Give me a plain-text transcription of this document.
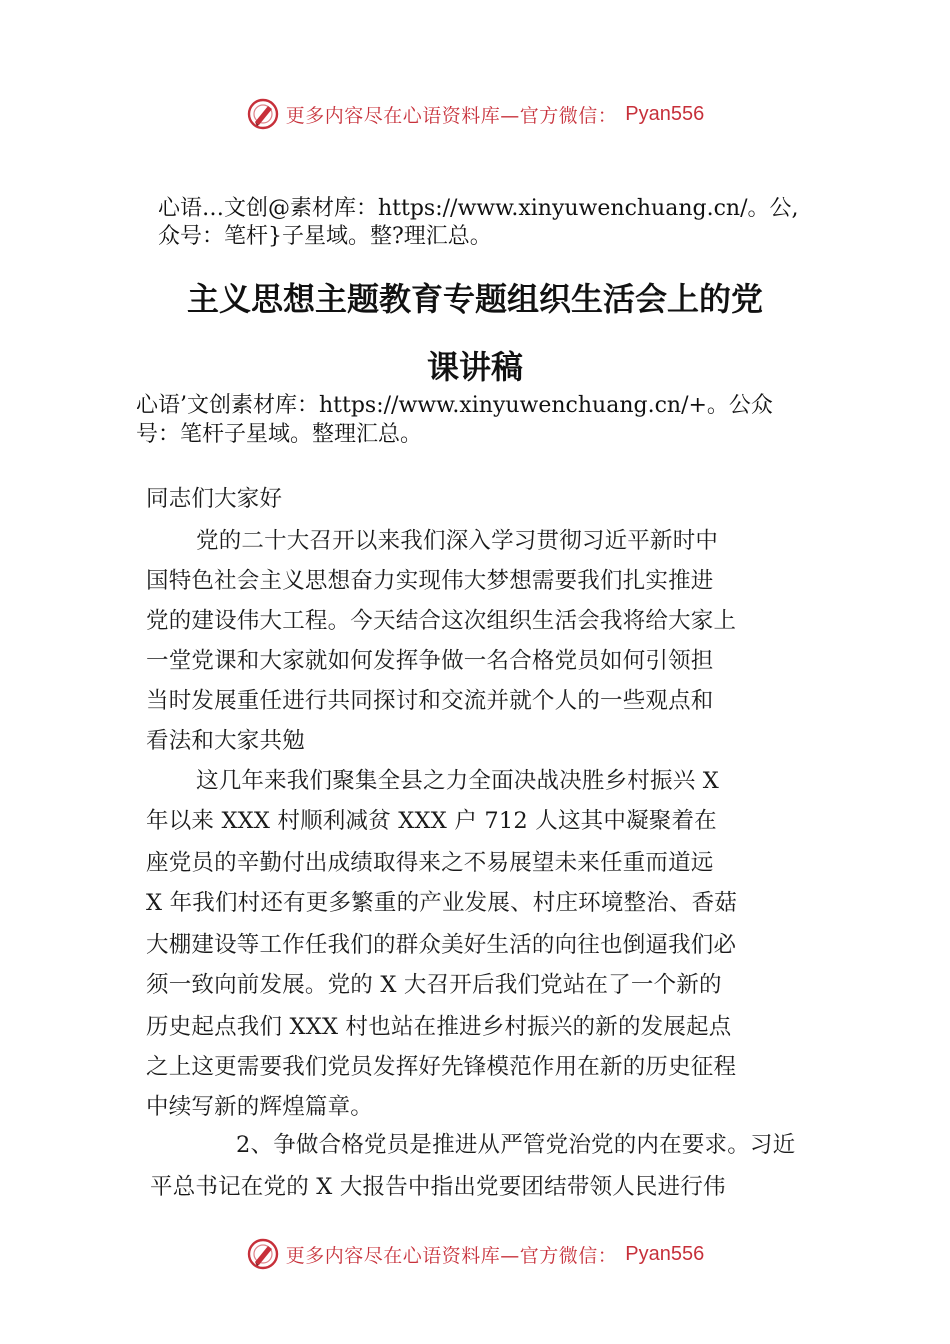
更多内容尽在心语资料库—官方微信： Pyan556
心语…文创@素材库：https://www.xinyuwenchuang.cn/。公,
众号：笔杆}子星域。整?理汇总。
主义思想主题教育专题组织生活会上的党
课讲稿
心语’文创素材库：https://www.xinyuwenchuang.cn/+。公众
号：笔杆子星域。整理汇总。
同志们大家好
党的二十大召开以来我们深入学习贯彻习近平新时中
国特色社会主义思想奋力实现伟大梦想需要我们扎实推进
党的建设伟大工程。今天结合这次组织生活会我将给大家上
一堂党课和大家就如何发挥争做一名合格党员如何引领担
当时发展重任进行共同探讨和交流并就个人的一些观点和
看法和大家共勉
这几年来我们聚集全县之力全面决战决胜乡村振兴 X
年以来 XXX 村顺利减贫 XXX 户 712 人这其中凝聚着在
座党员的辛勤付出成绩取得来之不易展望未来任重而道远
X 年我们村还有更多繁重的产业发展、村庄环境整治、香菇
大棚建设等工作任我们的群众美好生活的向往也倒逼我们必
须一致向前发展。党的 X 大召开后我们党站在了一个新的
历史起点我们 XXX 村也站在推进乡村振兴的新的发展起点
之上这更需要我们党员发挥好先锋模范作用在新的历史征程
中续写新的辉煌篇章。
2、争做合格党员是推进从严管党治党的内在要求。习近
平总书记在党的 X 大报告中指出党要团结带领人民进行伟
更多内容尽在心语资料库—官方微信： Pyan556
